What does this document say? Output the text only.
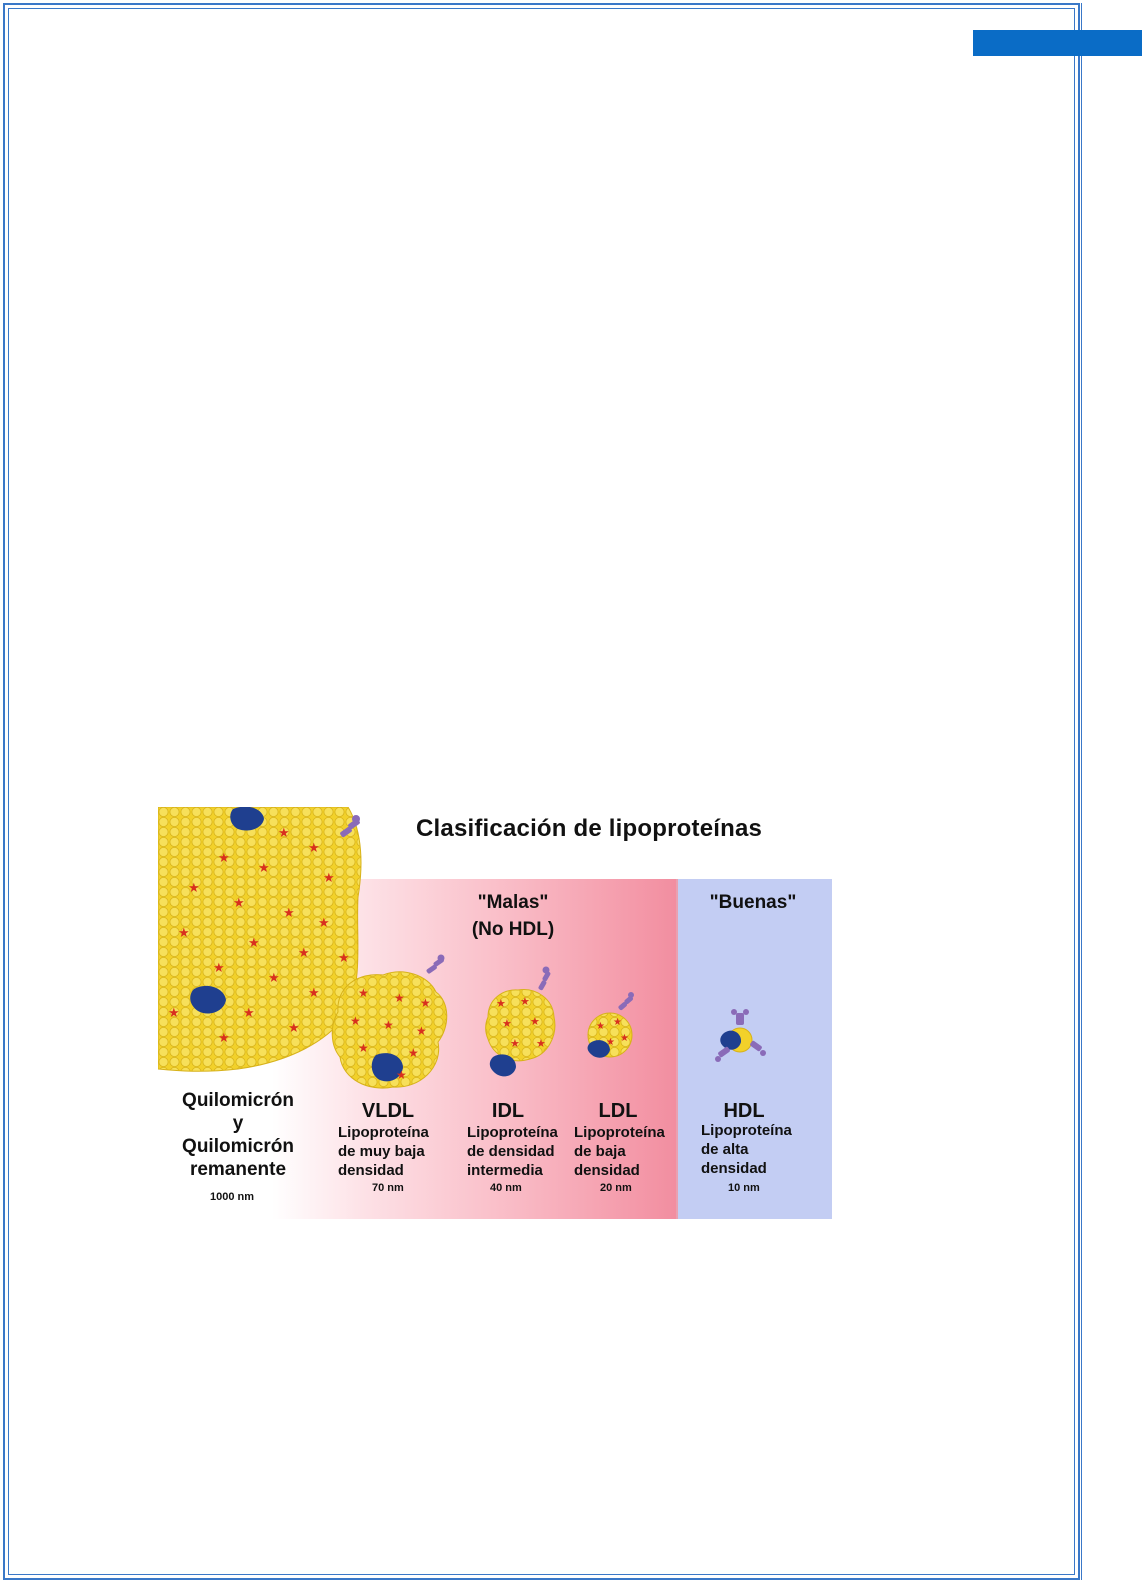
★
★
★
★
★
★
★
★
★
★
★
★ ★
★
★
★
★
★
★
★
★ ★ ★
★ ★ ★
★	★
★
★ ★
★ ★
★ ★
★ ★
★
★
Clasificación de lipoproteínas
"Malas"
(No HDL)
"Buenas"
Quilomicrón
y
Quilomicrón
remanente
1000 nm
VLDL
Lipoproteína
de muy baja
densidad
70 nm
IDL
Lipoproteína
de densidad
intermedia
40 nm
LDL
Lipoproteína
de baja
densidad
20 nm
HDL
Lipoproteína
de alta
densidad
10 nm
